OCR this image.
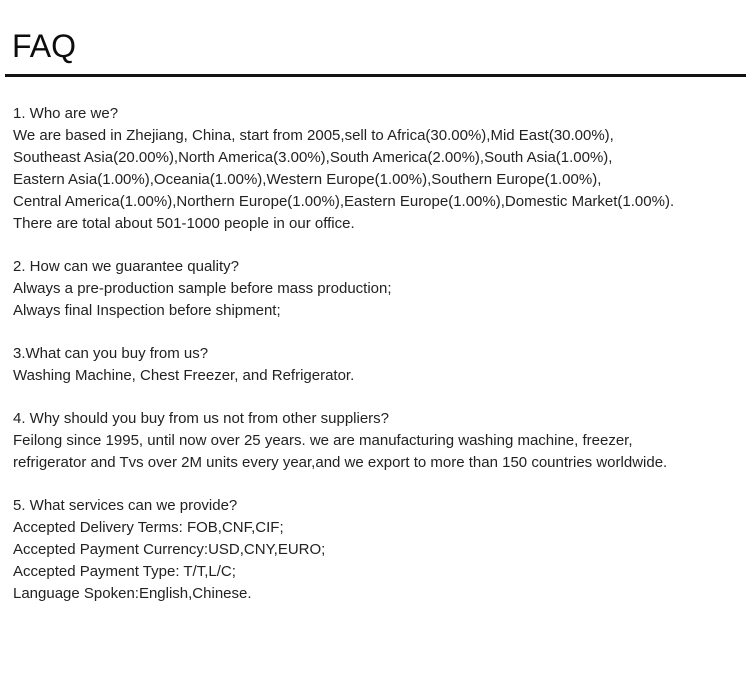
FAQ
1. Who are we?
We are based in Zhejiang, China, start from 2005,sell to Africa(30.00%),Mid East(30.00%),
Southeast Asia(20.00%),North America(3.00%),South America(2.00%),South Asia(1.00%),
Eastern Asia(1.00%),Oceania(1.00%),Western Europe(1.00%),Southern Europe(1.00%),
Central America(1.00%),Northern Europe(1.00%),Eastern Europe(1.00%),Domestic Market(1.00%).
There are total about 501-1000 people in our office.
2. How can we guarantee quality?
Always a pre-production sample before mass production;
Always final Inspection before shipment;
3.What can you buy from us?
Washing Machine, Chest Freezer, and Refrigerator.
4. Why should you buy from us not from other suppliers?
Feilong since 1995, until now over 25 years. we are manufacturing washing machine, freezer,
refrigerator and Tvs over 2M units every year,and we export to more than 150 countries worldwide.
5. What services can we provide?
Accepted Delivery Terms: FOB,CNF,CIF;
Accepted Payment Currency:USD,CNY,EURO;
Accepted Payment Type: T/T,L/C;
Language Spoken:English,Chinese.
